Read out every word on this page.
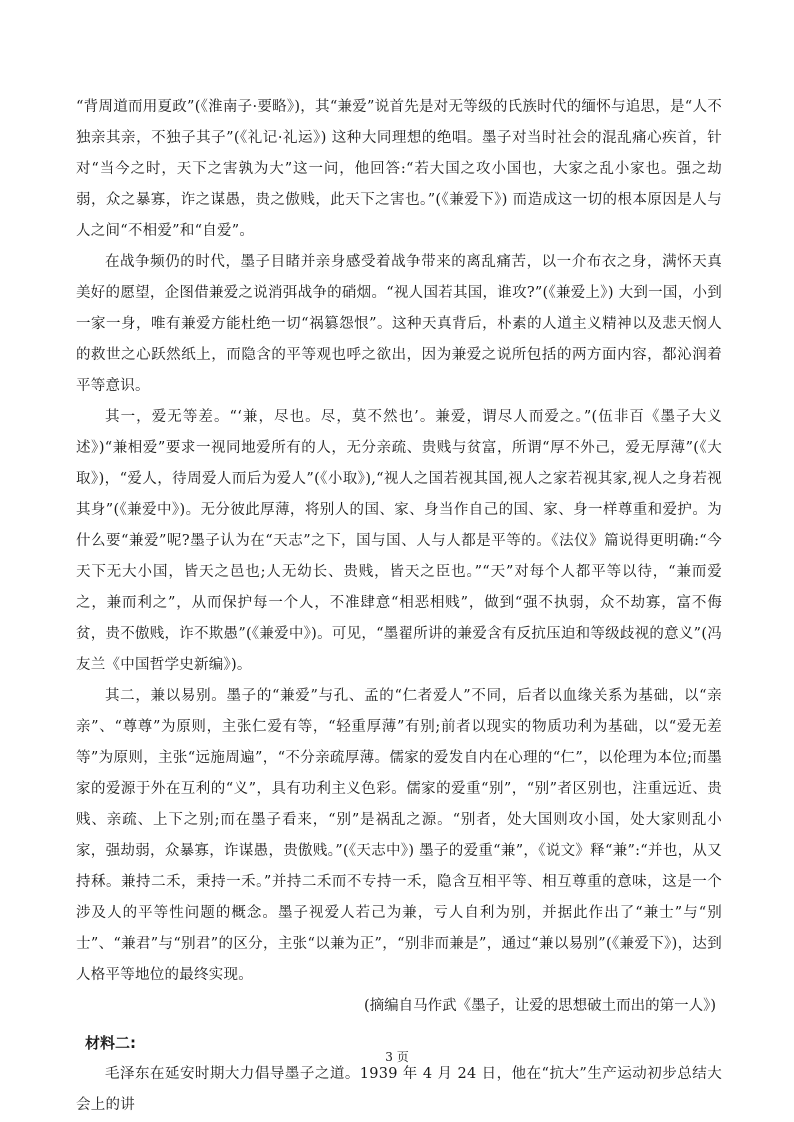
“背周道而用夏政”(《淮南子·要略》)，其“兼爱”说首先是对无等级的氏族时代的缅怀与追思，是“人不独亲其亲，不独子其子”(《礼记·礼运》) 这种大同理想的绝唱。墨子对当时社会的混乱痛心疾首，针对“当今之时，天下之害孰为大”这一问，他回答:“若大国之攻小国也，大家之乱小家也。强之劫弱，众之暴寡，诈之谋愚，贵之傲贱，此天下之害也。”(《兼爱下》) 而造成这一切的根本原因是人与人之间“不相爱”和“自爱”。

在战争频仍的时代，墨子目睹并亲身感受着战争带来的离乱痛苦，以一介布衣之身，满怀天真美好的愿望，企图借兼爱之说消弭战争的硝烟。“视人国若其国，谁攻?”(《兼爱上》) 大到一国，小到一家一身，唯有兼爱方能杜绝一切“祸篡怨恨”。这种天真背后，朴素的人道主义精神以及悲天悯人的救世之心跃然纸上，而隐含的平等观也呼之欲出，因为兼爱之说所包括的两方面内容，都沁润着平等意识。

其一，爱无等差。“‘兼，尽也。尽，莫不然也’。兼爱，谓尽人而爱之。”(伍非百《墨子大义述》)“兼相爱”要求一视同地爱所有的人，无分亲疏、贵贱与贫富，所谓“厚不外己，爱无厚薄”(《大取》)，“爱人，待周爱人而后为爱人”(《小取》),“视人之国若视其国,视人之家若视其家,视人之身若视其身”(《兼爱中》)。无分彼此厚薄，将别人的国、家、身当作自己的国、家、身一样尊重和爱护。为什么要“兼爱”呢?墨子认为在“天志”之下，国与国、人与人都是平等的。《法仪》篇说得更明确:“今天下无大小国，皆天之邑也;人无幼长、贵贱，皆天之臣也。”“天”对每个人都平等以待，“兼而爱之，兼而利之”，从而保护每一个人，不准肆意“相恶相贱”，做到“强不执弱，众不劫寡，富不侮贫，贵不傲贱，诈不欺愚”(《兼爱中》)。可见，“墨翟所讲的兼爱含有反抗压迫和等级歧视的意义”(冯友兰《中国哲学史新编》)。

其二，兼以易别。墨子的“兼爱”与孔、孟的“仁者爱人”不同，后者以血缘关系为基础，以“亲亲”、“尊尊”为原则，主张仁爱有等，“轻重厚薄”有别;前者以现实的物质功利为基础，以“爱无差等”为原则，主张“远施周遍”，“不分亲疏厚薄。儒家的爱发自内在心理的“仁”，以伦理为本位;而墨家的爱源于外在互利的“义”，具有功利主义色彩。儒家的爱重“别”，“别”者区别也，注重远近、贵贱、亲疏、上下之别;而在墨子看来，“别”是祸乱之源。“别者，处大国则攻小国，处大家则乱小家，强劫弱，众暴寡，诈谋愚，贵傲贱。”(《天志中》) 墨子的爱重“兼”，《说文》释“兼”:“并也，从又持秝。兼持二禾，秉持一禾。”并持二禾而不专持一禾，隐含互相平等、相互尊重的意味，这是一个涉及人的平等性问题的概念。墨子视爱人若己为兼，亏人自利为别，并据此作出了“兼士”与“别士”、“兼君”与“别君”的区分，主张“以兼为正”，“别非而兼是”，通过“兼以易别”(《兼爱下》)，达到人格平等地位的最终实现。

(摘编自马作武《墨子，让爱的思想破土而出的第一人》)

材料二:

毛泽东在延安时期大力倡导墨子之道。1939 年 4 月 24 日，他在“抗大”生产运动初步总结大会上的讲

3 页
